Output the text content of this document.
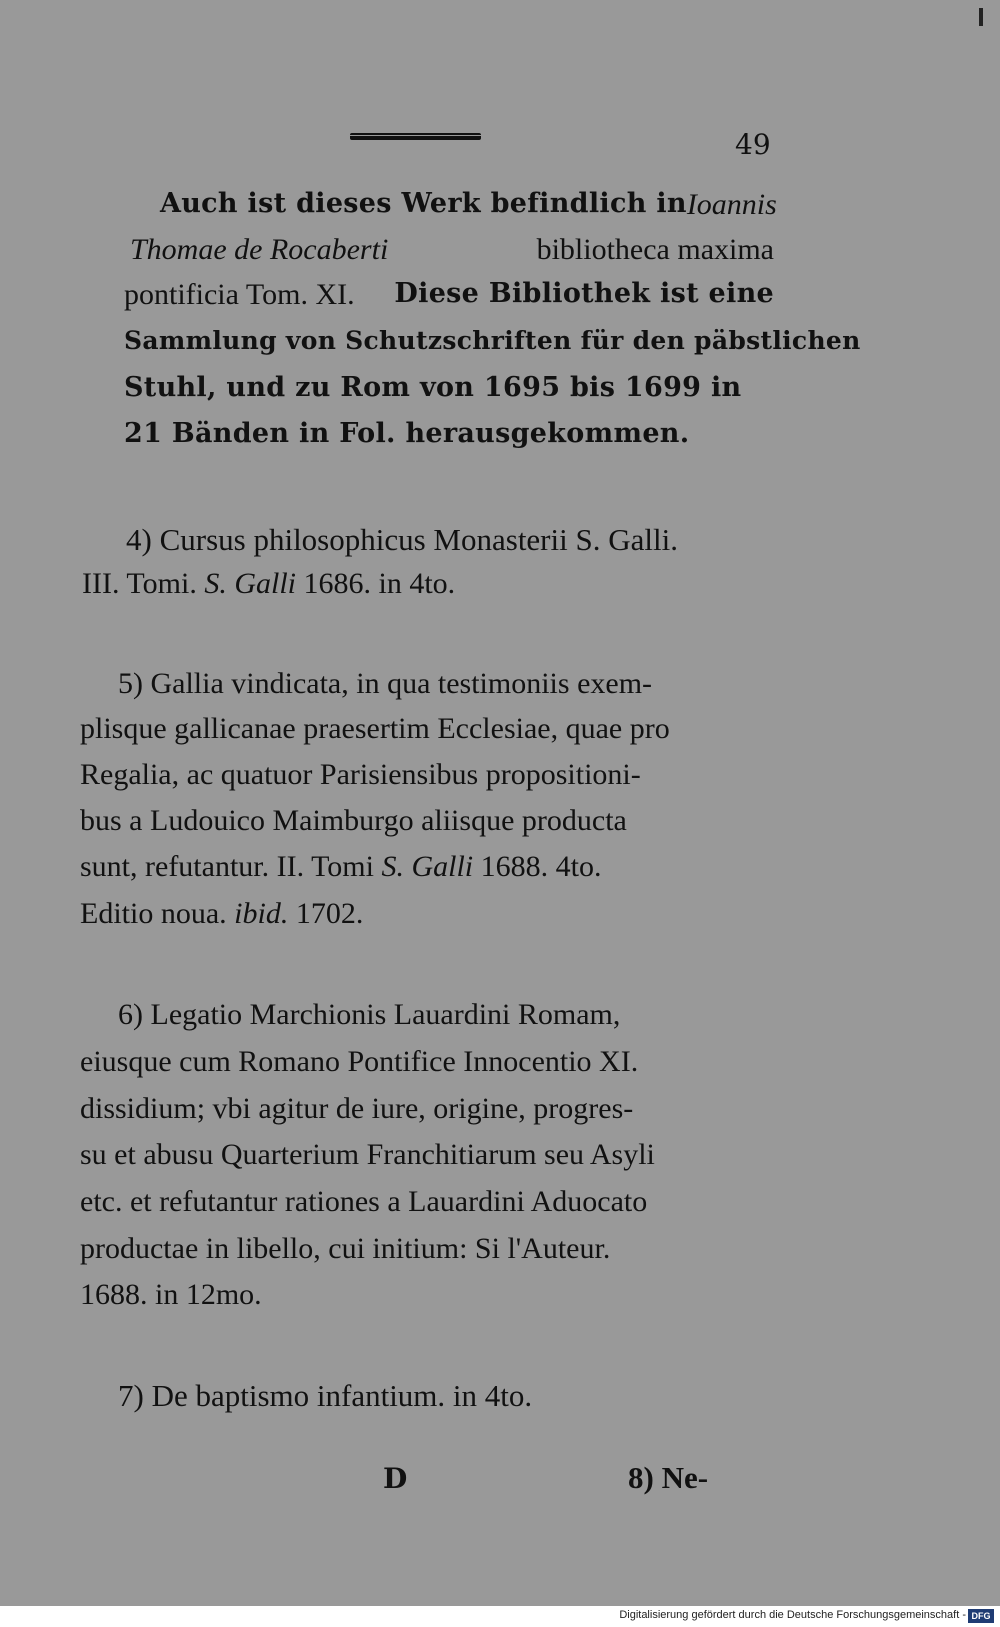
49
Auch ist dieses Werk befindlich in Ioannis
Thomae de Rocaberti	bibliotheca maxima
pontificia Tom. XI. Diese Bibliothek ist eine
Sammlung von Schutzschriften für den päbstlichen
Stuhl, und zu Rom von 1695 bis 1699 in
21 Bänden in Fol. herausgekommen.
4) Cursus philosophicus Monasterii S. Galli.
III. Tomi. S. Galli 1686. in 4to.
5) Gallia vindicata, in qua testimoniis exem-
plisque gallicanae praesertim Ecclesiae, quae pro
Regalia, ac quatuor Parisiensibus propositioni-
bus a Ludouico Maimburgo aliisque producta
sunt, refutantur. II. Tomi S. Galli 1688. 4to.
Editio noua. ibid. 1702.
6) Legatio Marchionis Lauardini Romam,
eiusque cum Romano Pontifice Innocentio XI.
dissidium; vbi agitur de iure, origine, progres-
su et abusu Quarterium Franchitiarum seu Asyli
etc. et refutantur rationes a Lauardini Aduocato
productae in libello, cui initium: Si l'Auteur.
1688. in 12mo.
7) De baptismo infantium. in 4to.
D	8) Ne-
Digitalisierung gefördert durch die Deutsche Forschungsgemeinschaft - DFG
